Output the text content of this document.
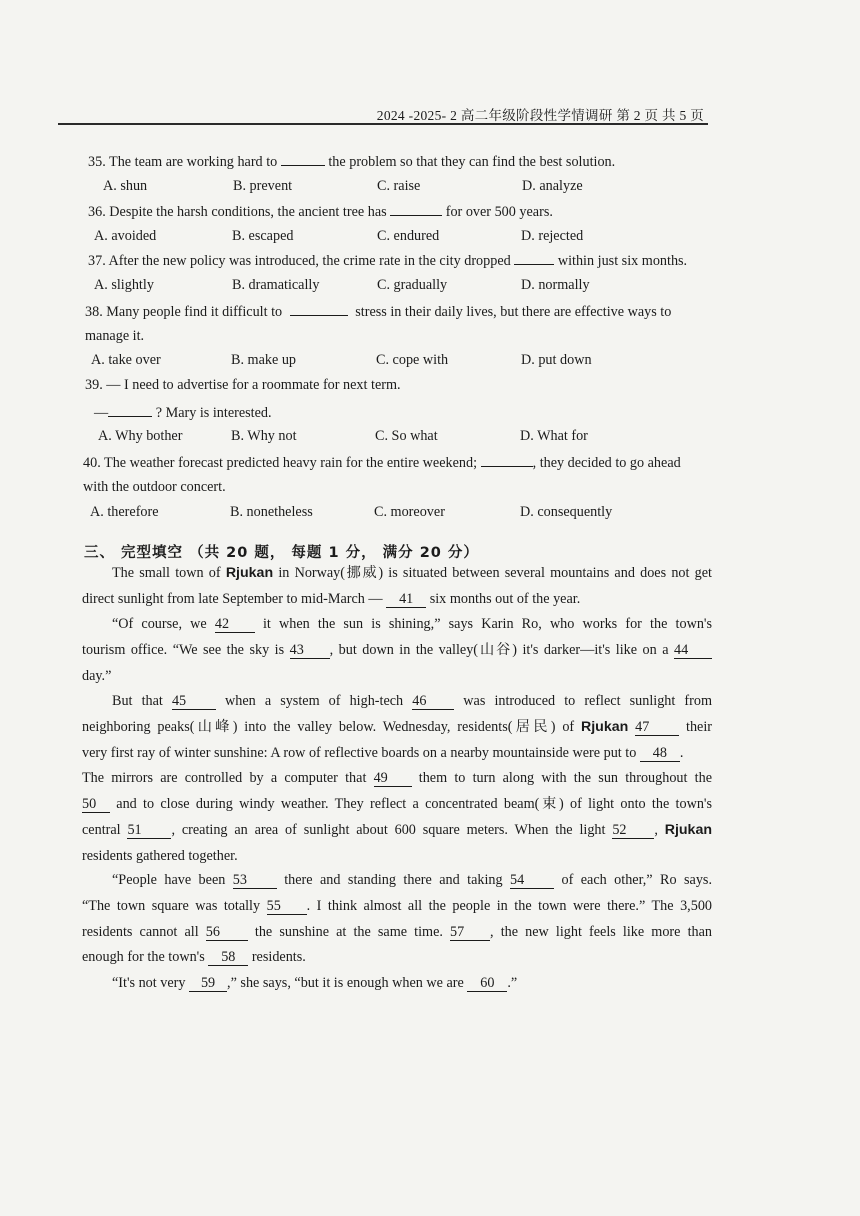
2024 -2025- 2 高二年级阶段性学情调研 第 2 页 共 5 页
35. The team are working hard to	the problem so that they can find the best solution.
A. shun	B. prevent	C. raise	D. analyze
36. Despite the harsh conditions, the ancient tree has	for over 500 years.
A. avoided	B. escaped	C. endured	D. rejected
37. After the new policy was introduced, the crime rate in the city dropped	within just six months.
A. slightly	B. dramatically	C. gradually	D. normally
38. Many people find it difficult to	stress in their daily lives, but there are effective ways to
manage it.
A. take over	B. make up	C. cope with	D. put down
39. — I need to advertise for a roommate for next term.
—	? Mary is interested.
A. Why bother	B. Why not	C. So what	D. What for
40. The weather forecast predicted heavy rain for the entire weekend;	, they decided to go ahead
with the outdoor concert.
A. therefore	B. nonetheless	C. moreover	D. consequently
三、 完型填空 （共 20 题， 每题 1 分， 满分 20 分）
The small town of Rjukan in Norway(挪威) is situated between several mountains and does not get
direct sunlight from late September to mid-March — 41 six months out of the year.
“Of course, we 42 it when the sun is shining,” says Karin Ro, who works for the town's
tourism office. “We see the sky is 43 , but down in the valley(山谷) it's darker—it's like on a 44
day.”
But that 45 when a system of high-tech 46 was introduced to reflect sunlight from
neighboring peaks(山峰) into the valley below. Wednesday, residents(居民) of Rjukan 47 their
very first ray of winter sunshine: A row of reflective boards on a nearby mountainside were put to 48 .
The mirrors are controlled by a computer that 49 them to turn along with the sun throughout the
50 and to close during windy weather. They reflect a concentrated beam(束) of light onto the town's
central 51 , creating an area of sunlight about 600 square meters. When the light 52 , Rjukan
residents gathered together.
“People have been 53 there and standing there and taking 54 of each other,” Ro says.
“The town square was totally 55 . I think almost all the people in the town were there.” The 3,500
residents cannot all 56 the sunshine at the same time. 57 , the new light feels like more than
enough for the town's 58 residents.
“It's not very 59 ,” she says, “but it is enough when we are 60 .”
